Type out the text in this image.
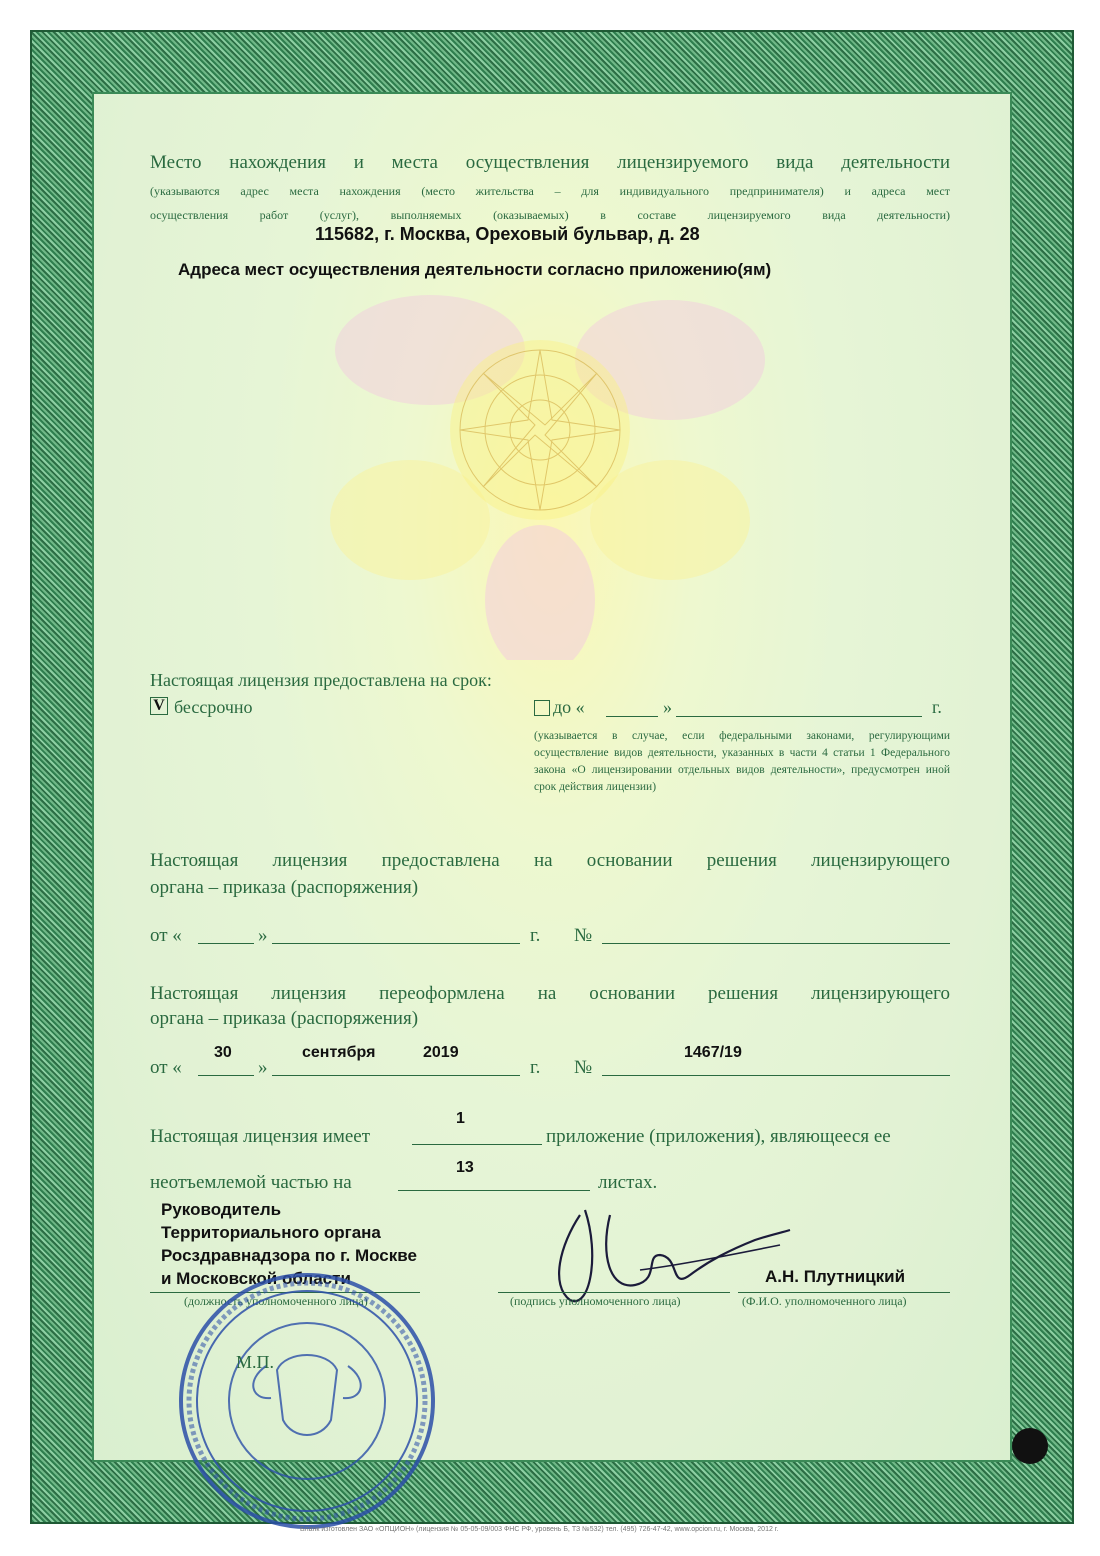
Место нахождения и места осуществления лицензируемого вида деятельности
(указываются адрес места нахождения (место жительства – для индивидуального предпринимателя) и адреса мест
осуществления работ (услуг), выполняемых (оказываемых) в составе лицензируемого вида деятельности)
115682, г. Москва, Ореховый бульвар, д. 28
Адреса мест осуществления деятельности согласно приложению(ям)
Настоящая лицензия предоставлена на срок:
V бессрочно	до «	»	г.
(указывается в случае, если федеральными законами, регулирующими осуществление видов деятельности, указанных в части 4 статьи 1 Федерального закона «О лицензировании отдельных видов деятельности», предусмотрен иной срок действия лицензии)
Настоящая лицензия предоставлена на основании решения лицензирующего
органа – приказа (распоряжения)
от «	»	г. №
Настоящая лицензия переоформлена на основании решения лицензирующего
органа – приказа (распоряжения)
от «
30
»
сентября	2019
г. №
1467/19
1
Настоящая лицензия имеет	приложение (приложения), являющееся ее
13
неотъемлемой частью на	листах.
Руководитель
Территориального органа
Росздравнадзора по г. Москве
и Московской области	А.Н. Плутницкий
(должность уполномоченного лица)	(подпись уполномоченного лица)	(Ф.И.О. уполномоченного лица)
М.П.
Бланк изготовлен ЗАО «ОПЦИОН» (лицензия № 05-05-09/003 ФНС РФ, уровень Б, ТЗ №532) тел. (495) 726-47-42, www.opcion.ru, г. Москва, 2012 г.
